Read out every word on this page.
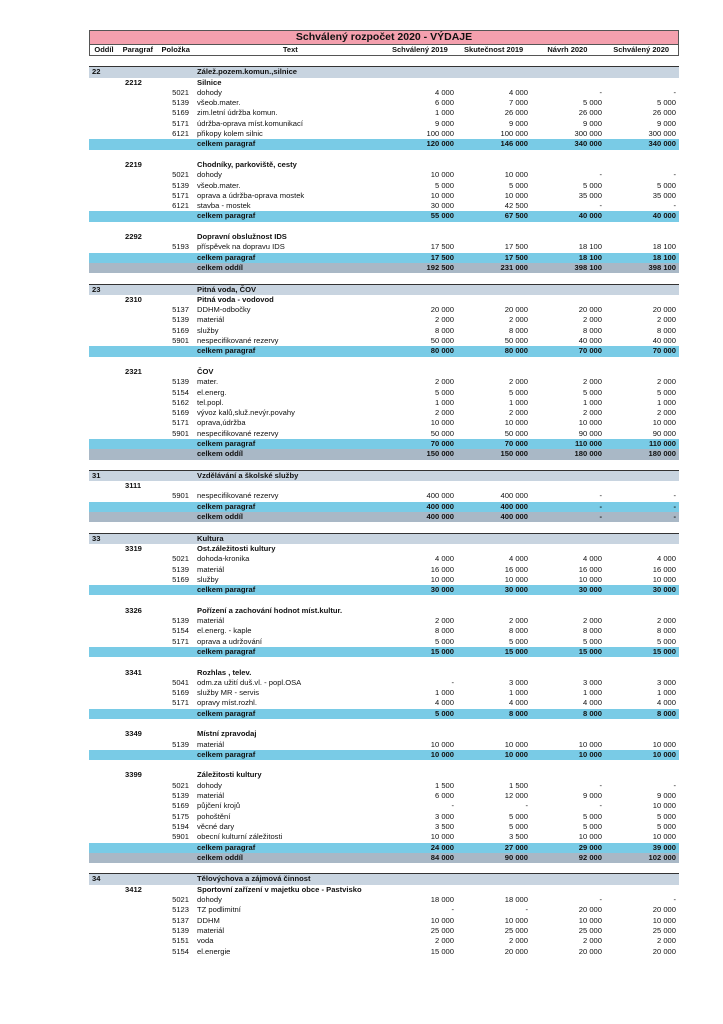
Schválený rozpočet 2020 - VÝDAJE
Oddíl	Paragraf	Položka	Text	Schválený 2019	Skutečnost 2019	Návrh 2020	Schválený 2020
22	Zálež.pozem.komun.,silnice
2212	Silnice
5021	dohody	4 000	4 000	-	-
5139	všeob.mater.	6 000	7 000	5 000	5 000
5169	zim.letní údržba komun.	1 000	26 000	26 000	26 000
5171	údržba-oprava míst.komunikací	9 000	9 000	9 000	9 000
6121	přikopy kolem silnic	100 000	100 000	300 000	300 000
celkem paragraf	120 000	146 000	340 000	340 000
2219	Chodníky, parkoviště, cesty
5021	dohody	10 000	10 000	-	-
5139	všeob.mater.	5 000	5 000	5 000	5 000
5171	oprava a údržba-oprava mostek	10 000	10 000	35 000	35 000
6121	stavba - mostek	30 000	42 500	-	-
celkem paragraf	55 000	67 500	40 000	40 000
2292	Dopravní obslužnost IDS
5193	příspěvek na dopravu IDS	17 500	17 500	18 100	18 100
celkem paragraf	17 500	17 500	18 100	18 100
celkem oddíl	192 500	231 000	398 100	398 100
23	Pitná voda, ČOV
2310	Pitná voda - vodovod
5137	DDHM-odbočky	20 000	20 000	20 000	20 000
5139	materiál	2 000	2 000	2 000	2 000
5169	služby	8 000	8 000	8 000	8 000
5901	nespecifikované rezervy	50 000	50 000	40 000	40 000
celkem paragraf	80 000	80 000	70 000	70 000
2321	ČOV
5139	mater.	2 000	2 000	2 000	2 000
5154	el.energ.	5 000	5 000	5 000	5 000
5162	tel.popl.	1 000	1 000	1 000	1 000
5169	vývoz kalů,služ.nevýr.povahy	2 000	2 000	2 000	2 000
5171	oprava,údržba	10 000	10 000	10 000	10 000
5901	nespecifikované rezervy	50 000	50 000	90 000	90 000
celkem paragraf	70 000	70 000	110 000	110 000
celkem oddíl	150 000	150 000	180 000	180 000
31	Vzdělávání a školské služby
3111
5901	nespecifikované rezervy	400 000	400 000	-	-
celkem paragraf	400 000	400 000	-	-
celkem oddíl	400 000	400 000	-	-
33	Kultura
3319	Ost.záležitosti kultury
5021	dohoda-kronika	4 000	4 000	4 000	4 000
5139	materiál	16 000	16 000	16 000	16 000
5169	služby	10 000	10 000	10 000	10 000
celkem paragraf	30 000	30 000	30 000	30 000
3326	Pořízení a zachování hodnot míst.kultur.
5139	materiál	2 000	2 000	2 000	2 000
5154	el.energ. - kaple	8 000	8 000	8 000	8 000
5171	oprava a udržování	5 000	5 000	5 000	5 000
celkem paragraf	15 000	15 000	15 000	15 000
3341	Rozhlas , telev.
5041	odm.za užití duš.vl. - popl.OSA	-	3 000	3 000	3 000
5169	služby MR - servis	1 000	1 000	1 000	1 000
5171	opravy míst.rozhl.	4 000	4 000	4 000	4 000
celkem paragraf	5 000	8 000	8 000	8 000
3349	Místní zpravodaj
5139	materiál	10 000	10 000	10 000	10 000
celkem paragraf	10 000	10 000	10 000	10 000
3399	Záležitosti kultury
5021	dohody	1 500	1 500	-	-
5139	materiál	6 000	12 000	9 000	9 000
5169	půjčení krojů	-	-	-	10 000
5175	pohoštění	3 000	5 000	5 000	5 000
5194	věcné dary	3 500	5 000	5 000	5 000
5901	obecní kulturní záležitosti	10 000	3 500	10 000	10 000
celkem paragraf	24 000	27 000	29 000	39 000
celkem oddíl	84 000	90 000	92 000	102 000
34	Tělovýchova a zájmová činnost
3412	Sportovní zařízení v majetku obce - Pastvisko
5021	dohody	18 000	18 000	-	-
5123	TZ podlimitní	-	-	20 000	20 000
5137	DDHM	10 000	10 000	10 000	10 000
5139	materiál	25 000	25 000	25 000	25 000
5151	voda	2 000	2 000	2 000	2 000
5154	el.energie	15 000	20 000	20 000	20 000
